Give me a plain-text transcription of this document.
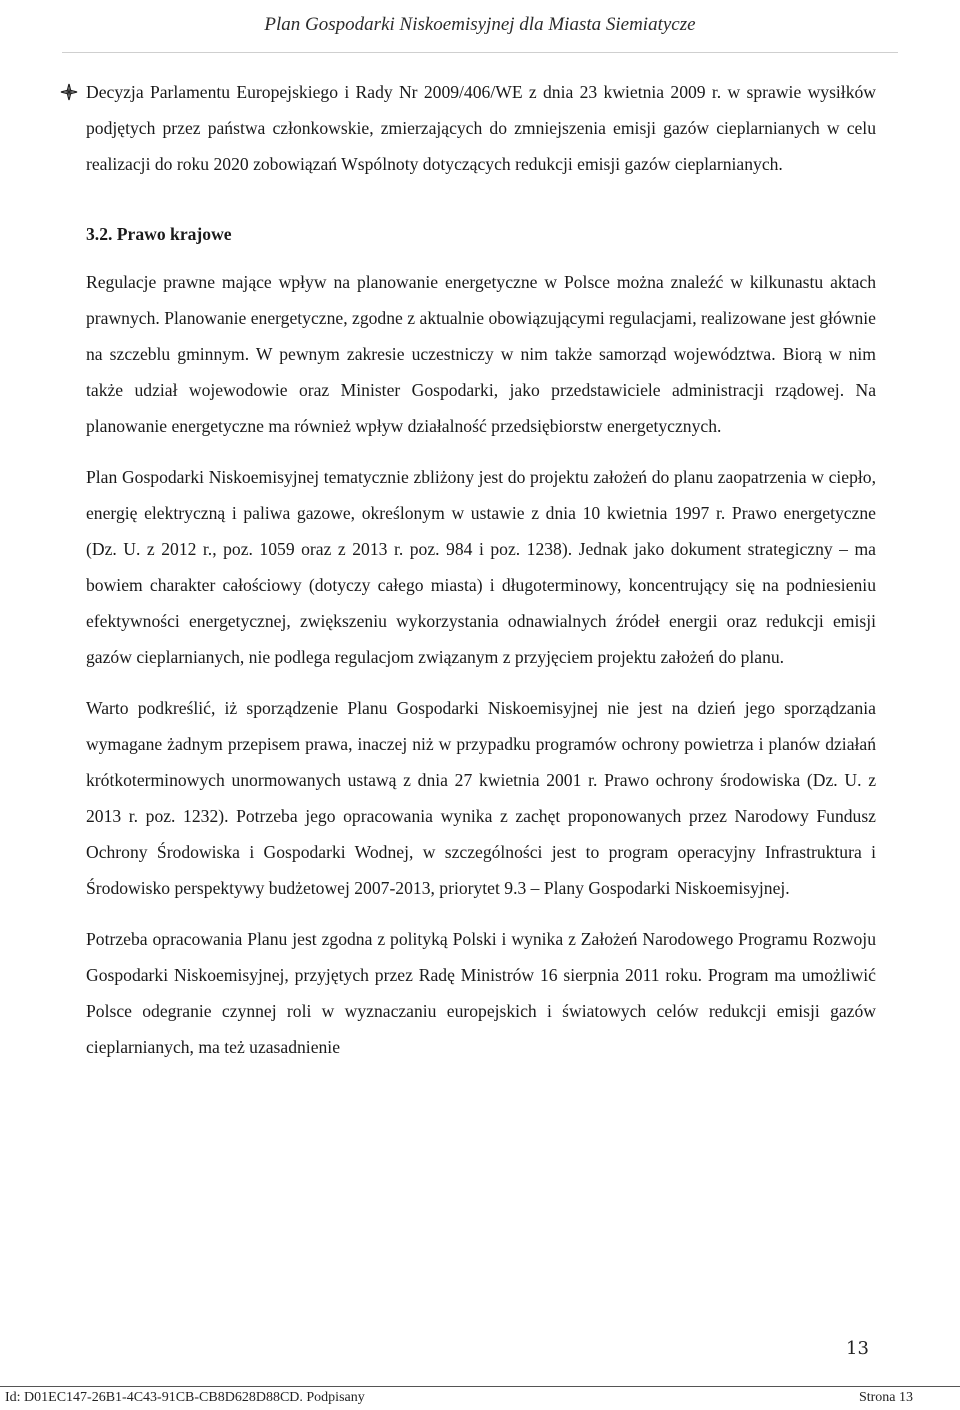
Plan Gospodarki Niskoemisyjnej dla Miasta Siemiatycze

Decyzja Parlamentu Europejskiego i Rady Nr 2009/406/WE z dnia 23 kwietnia 2009 r. w sprawie wysiłków podjętych przez państwa członkowskie, zmierzających do zmniejszenia emisji gazów cieplarnianych w celu realizacji do roku 2020 zobowiązań Wspólnoty dotyczących redukcji emisji gazów cieplarnianych.

3.2. Prawo krajowe

Regulacje prawne mające wpływ na planowanie energetyczne w Polsce można znaleźć w kilkunastu aktach prawnych. Planowanie energetyczne, zgodne z aktualnie obowiązującymi regulacjami, realizowane jest głównie na szczeblu gminnym. W pewnym zakresie uczestniczy w nim także samorząd województwa. Biorą w nim także udział wojewodowie oraz Minister Gospodarki, jako przedstawiciele administracji rządowej. Na planowanie energetyczne ma również wpływ działalność przedsiębiorstw energetycznych.

Plan Gospodarki Niskoemisyjnej tematycznie zbliżony jest do projektu założeń do planu zaopatrzenia w ciepło, energię elektryczną i paliwa gazowe, określonym w ustawie z dnia 10 kwietnia 1997 r. Prawo energetyczne (Dz. U. z 2012 r., poz. 1059 oraz z 2013 r. poz. 984 i poz. 1238). Jednak jako dokument strategiczny – ma bowiem charakter całościowy (dotyczy całego miasta) i długoterminowy, koncentrujący się na podniesieniu efektywności energetycznej, zwiększeniu wykorzystania odnawialnych źródeł energii oraz redukcji emisji gazów cieplarnianych, nie podlega regulacjom związanym z przyjęciem projektu założeń do planu.

Warto podkreślić, iż sporządzenie Planu Gospodarki Niskoemisyjnej nie jest na dzień jego sporządzania wymagane żadnym przepisem prawa, inaczej niż w przypadku programów ochrony powietrza i planów działań krótkoterminowych unormowanych ustawą z dnia 27 kwietnia 2001 r. Prawo ochrony środowiska (Dz. U. z 2013 r. poz. 1232). Potrzeba jego opracowania wynika z zachęt proponowanych przez Narodowy Fundusz Ochrony Środowiska i Gospodarki Wodnej, w szczególności jest to program operacyjny Infrastruktura i Środowisko perspektywy budżetowej 2007-2013, priorytet 9.3 – Plany Gospodarki Niskoemisyjnej.

Potrzeba opracowania Planu jest zgodna z polityką Polski i wynika z Założeń Narodowego Programu Rozwoju Gospodarki Niskoemisyjnej, przyjętych przez Radę Ministrów 16 sierpnia 2011 roku. Program ma umożliwić Polsce odegranie czynnej roli w wyznaczaniu europejskich i światowych celów redukcji emisji gazów cieplarnianych, ma też uzasadnienie

13
Id: D01EC147-26B1-4C43-91CB-CB8D628D88CD. Podpisany	Strona 13
